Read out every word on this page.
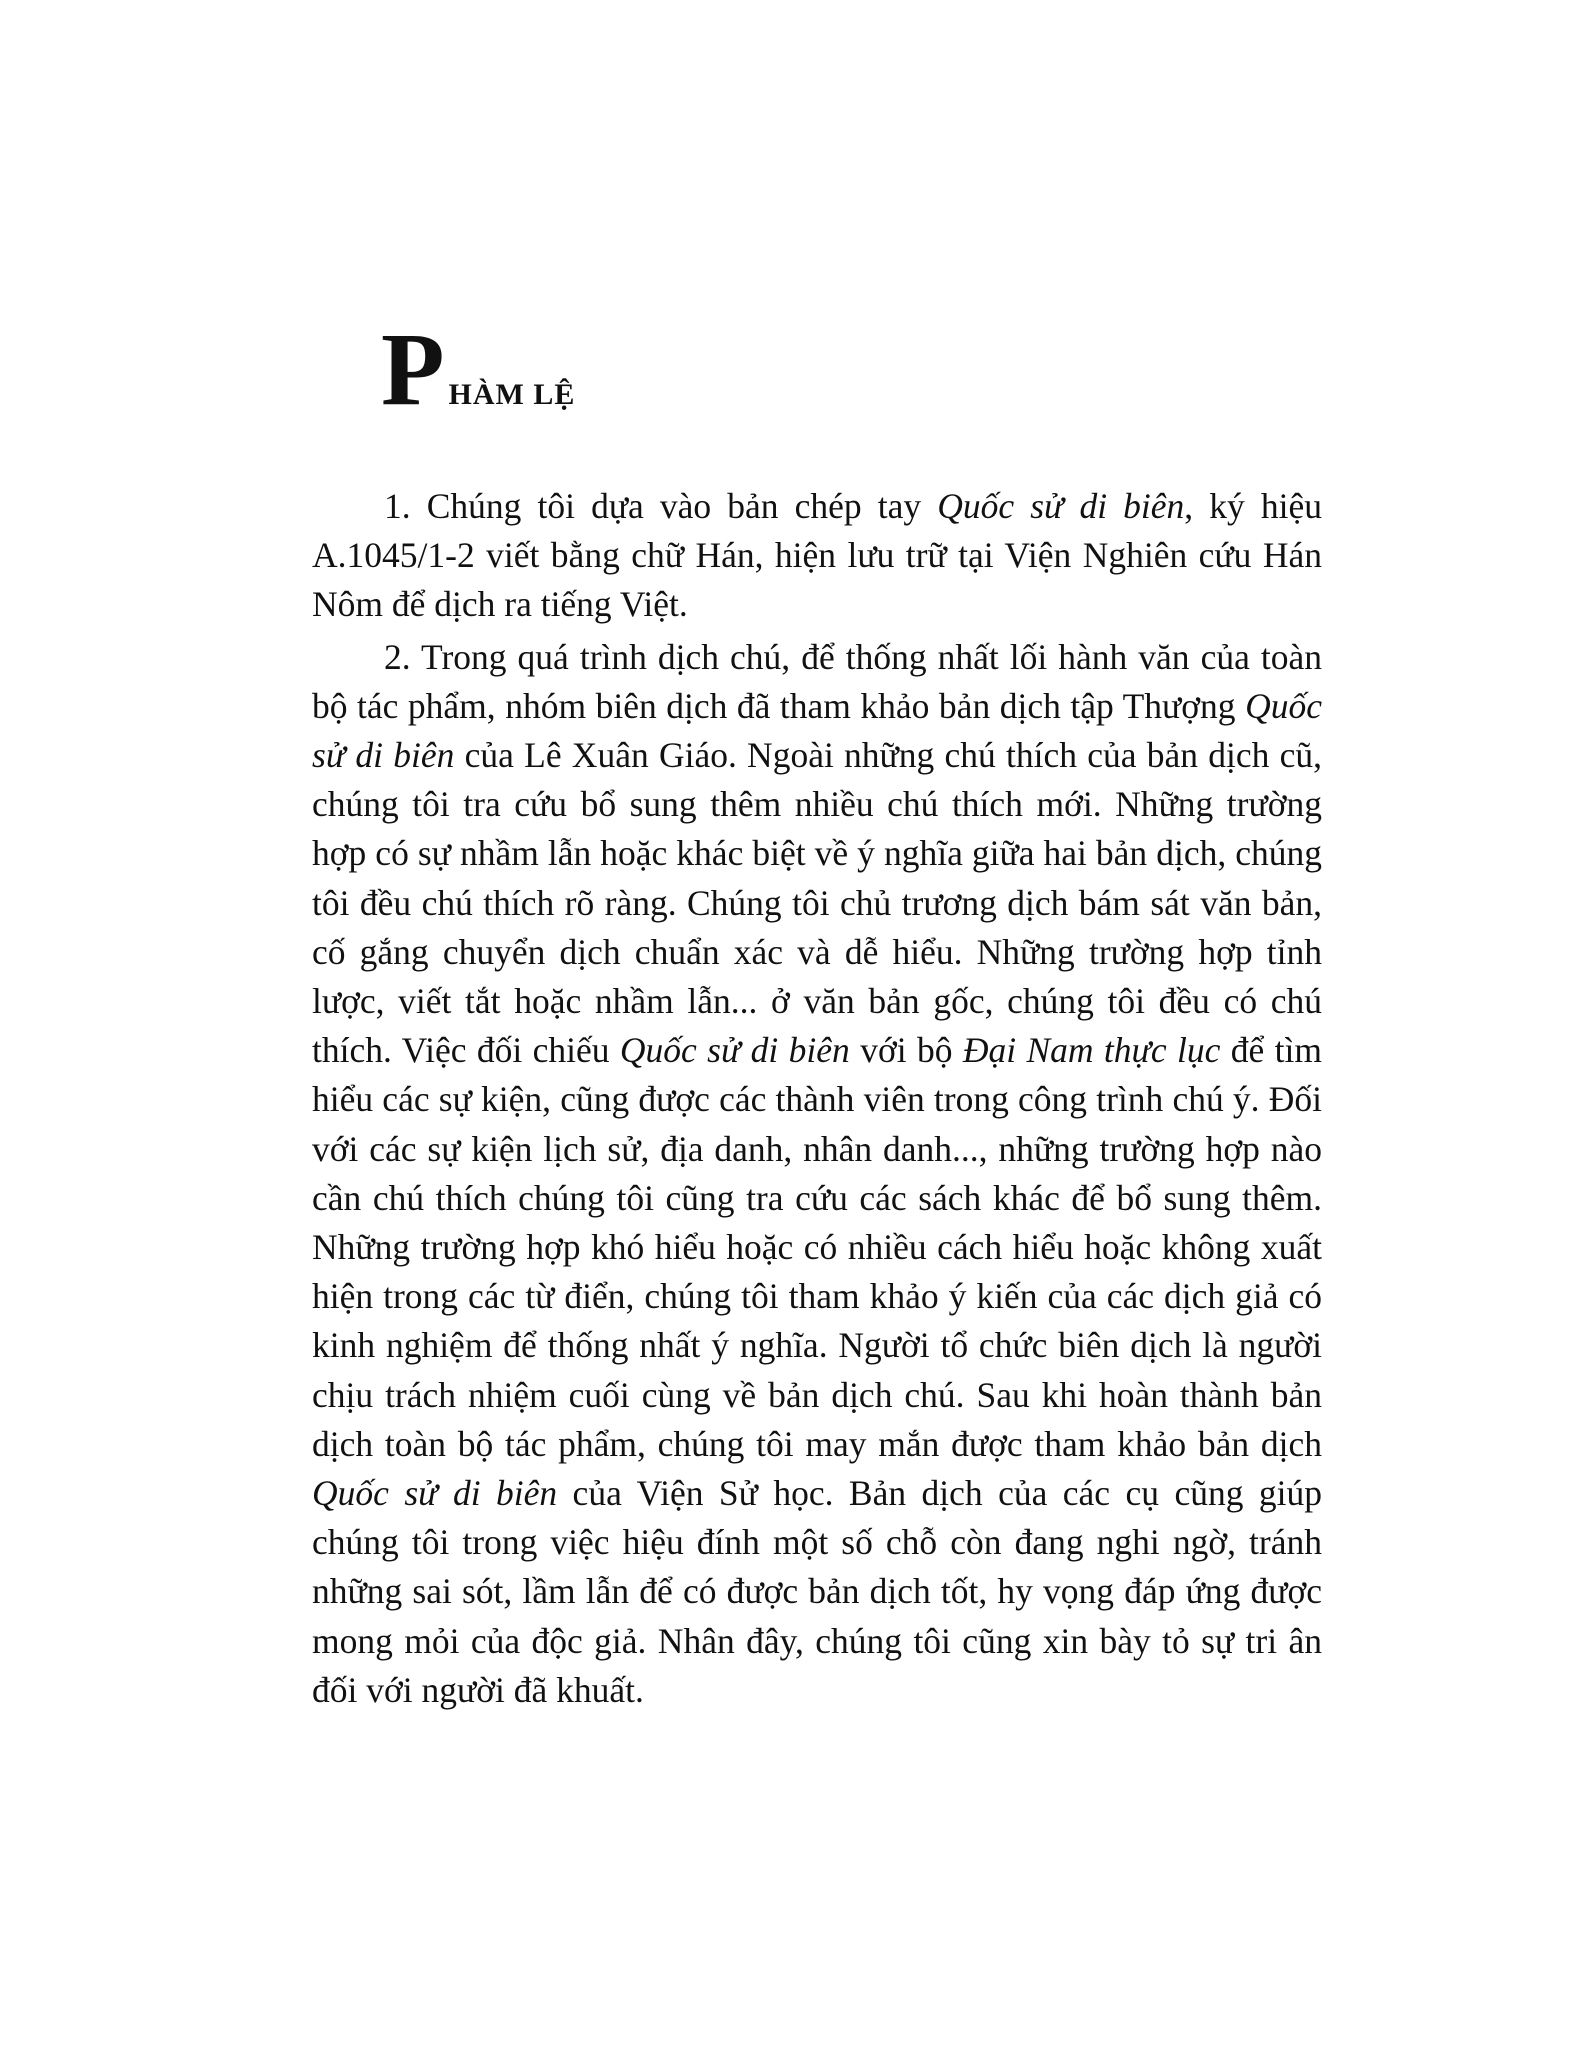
PHÀM LỆ

1. Chúng tôi dựa vào bản chép tay Quốc sử di biên, ký hiệu A.1045/1-2 viết bằng chữ Hán, hiện lưu trữ tại Viện Nghiên cứu Hán Nôm để dịch ra tiếng Việt.

2. Trong quá trình dịch chú, để thống nhất lối hành văn của toàn bộ tác phẩm, nhóm biên dịch đã tham khảo bản dịch tập Thượng Quốc sử di biên của Lê Xuân Giáo. Ngoài những chú thích của bản dịch cũ, chúng tôi tra cứu bổ sung thêm nhiều chú thích mới. Những trường hợp có sự nhầm lẫn hoặc khác biệt về ý nghĩa giữa hai bản dịch, chúng tôi đều chú thích rõ ràng. Chúng tôi chủ trương dịch bám sát văn bản, cố gắng chuyển dịch chuẩn xác và dễ hiểu. Những trường hợp tỉnh lược, viết tắt hoặc nhầm lẫn... ở văn bản gốc, chúng tôi đều có chú thích. Việc đối chiếu Quốc sử di biên với bộ Đại Nam thực lục để tìm hiểu các sự kiện, cũng được các thành viên trong công trình chú ý. Đối với các sự kiện lịch sử, địa danh, nhân danh..., những trường hợp nào cần chú thích chúng tôi cũng tra cứu các sách khác để bổ sung thêm. Những trường hợp khó hiểu hoặc có nhiều cách hiểu hoặc không xuất hiện trong các từ điển, chúng tôi tham khảo ý kiến của các dịch giả có kinh nghiệm để thống nhất ý nghĩa. Người tổ chức biên dịch là người chịu trách nhiệm cuối cùng về bản dịch chú. Sau khi hoàn thành bản dịch toàn bộ tác phẩm, chúng tôi may mắn được tham khảo bản dịch Quốc sử di biên của Viện Sử học. Bản dịch của các cụ cũng giúp chúng tôi trong việc hiệu đính một số chỗ còn đang nghi ngờ, tránh những sai sót, lầm lẫn để có được bản dịch tốt, hy vọng đáp ứng được mong mỏi của độc giả. Nhân đây, chúng tôi cũng xin bày tỏ sự tri ân đối với người đã khuất.
